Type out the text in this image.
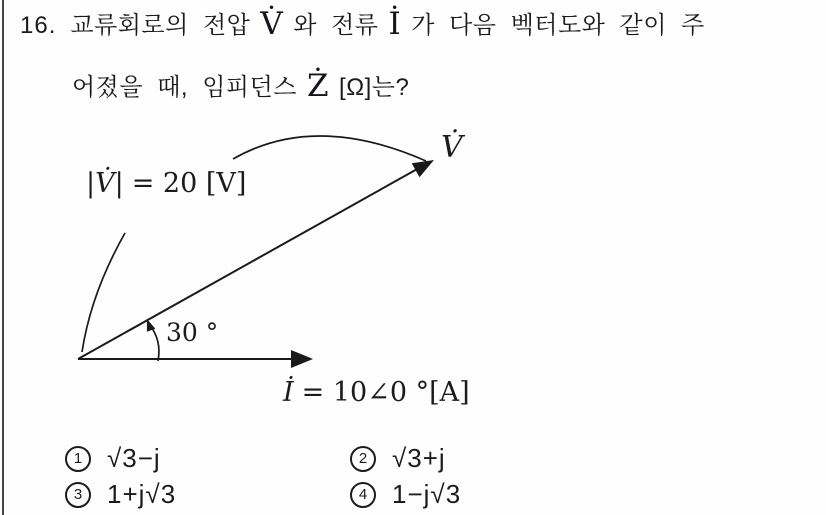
16. 교류회로의 전압 V̇ 와 전류 İ 가 다음 벡터도와 같이 주
어졌을 때, 임피던스 Ż [Ω]는?
|V̇| = 20 [V]
V̇
30 °
İ = 10∠0 °[A]
1 √3−j	2 √3+j
3 1+j√3	4 1−j√3
